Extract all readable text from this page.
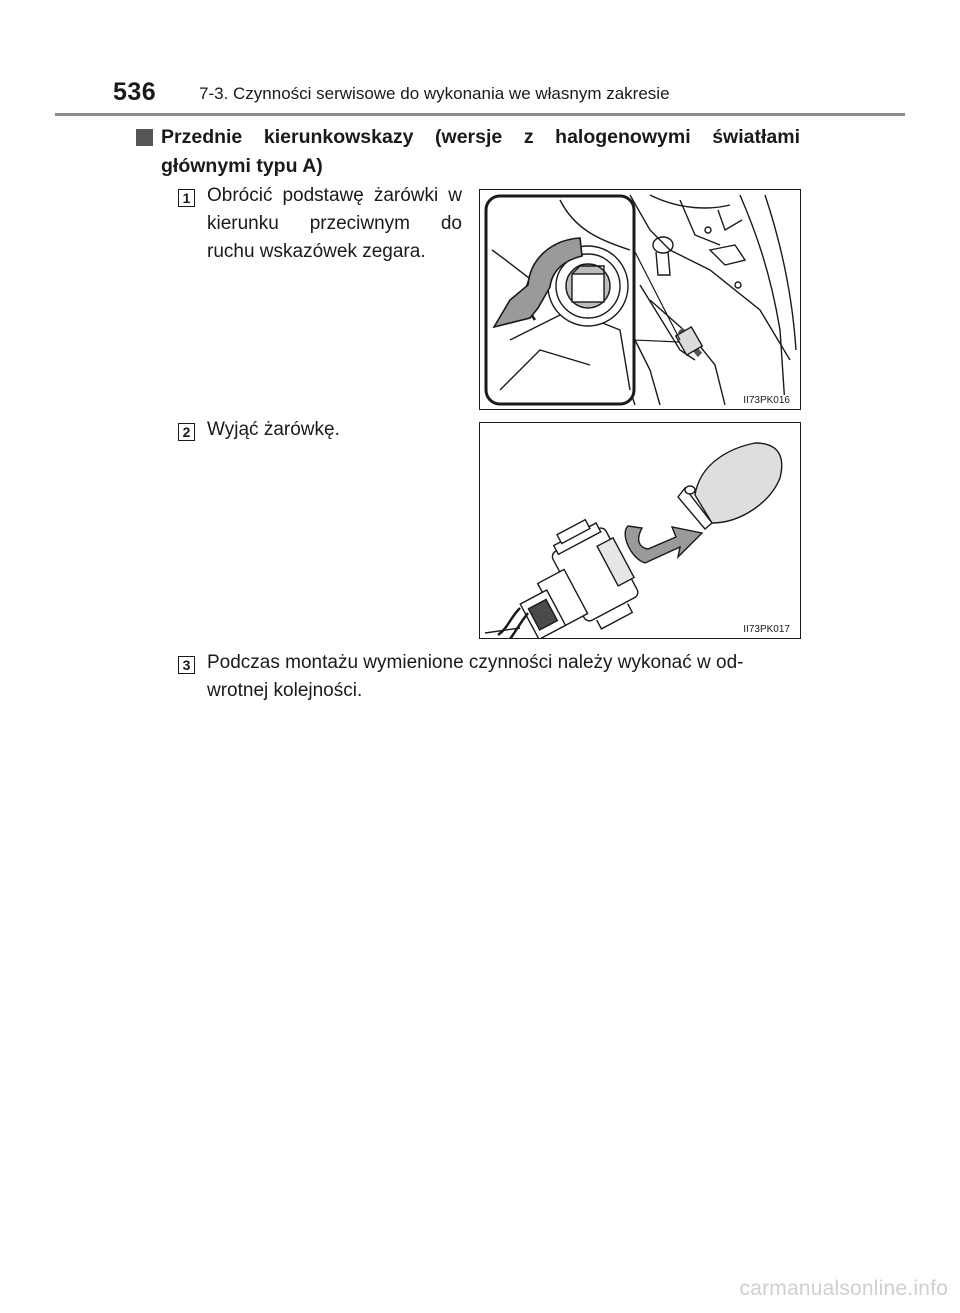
536	7-3. Czynności serwisowe do wykonania we własnym zakresie
Przednie kierunkowskazy (wersje z halogenowymi światłami głównymi typu A)
1 Obrócić podstawę żarówki w kierunku przeciwnym do ruchu wskazówek zegara.
II73PK016
2 Wyjąć żarówkę.
II73PK017
3 Podczas montażu wymienione czynności należy wykonać w od-wrotnej kolejności.
carmanualsonline.info
